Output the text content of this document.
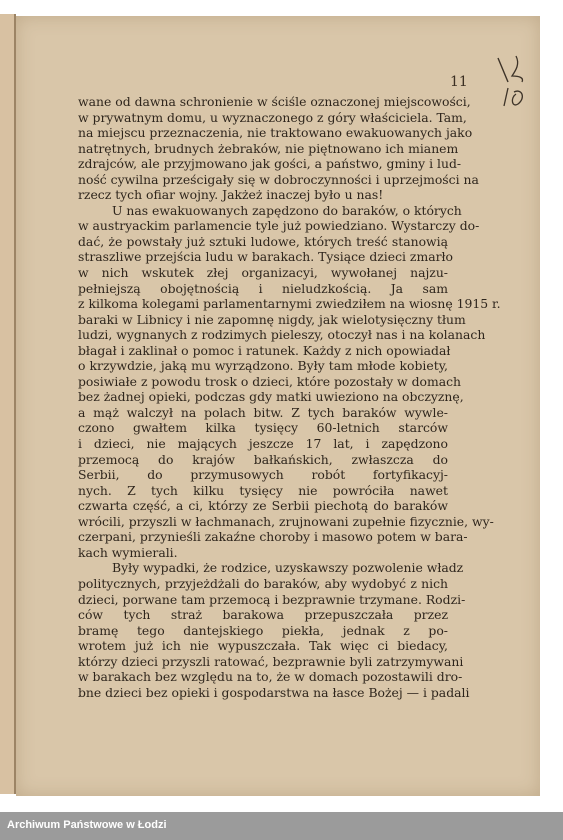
11
wane od dawna schronienie w ściśle oznaczonej miejscowości,
w prywatnym domu, u wyznaczonego z góry właściciela. Tam,
na miejscu przeznaczenia, nie traktowano ewakuowanych jako
natrętnych, brudnych żebraków, nie piętnowano ich mianem
zdrajców, ale przyjmowano jak gości, a państwo, gminy i lud-
ność cywilna prześcigały się w dobroczynności i uprzejmości na
rzecz tych ofiar wojny. Jakżeż inaczej było u nas!
U nas ewakuowanych zapędzono do baraków, o których
w austryackim parlamencie tyle już powiedziano. Wystarczy do-
dać, że powstały już sztuki ludowe, których treść stanowią
straszliwe przejścia ludu w barakach. Tysiące dzieci zmarło
w nich wskutek złej organizacyi, wywołanej najzu-
pełniejszą obojętnością i nieludzkością. Ja sam
z kilkoma kolegami parlamentarnymi zwiedziłem na wiosnę 1915 r.
baraki w Libnicy i nie zapomnę nigdy, jak wielotysięczny tłum
ludzi, wygnanych z rodzimych pieleszy, otoczył nas i na kolanach
błagał i zaklinał o pomoc i ratunek. Każdy z nich opowiadał
o krzywdzie, jaką mu wyrządzono. Były tam młode kobiety,
posiwiałe z powodu trosk o dzieci, które pozostały w domach
bez żadnej opieki, podczas gdy matki uwieziono na obczyznę,
a mąż walczył na polach bitw. Z tych baraków wywle-
czono gwałtem kilka tysięcy 60-letnich starców
i dzieci, nie mających jeszcze 17 lat, i zapędzono
przemocą do krajów bałkańskich, zwłaszcza do
Serbii, do przymusowych robót fortyfikacyj-
nych. Z tych kilku tysięcy nie powróciła nawet
czwarta część, a ci, którzy ze Serbii piechotą do baraków
wrócili, przyszli w łachmanach, zrujnowani zupełnie fizycznie, wy-
czerpani, przynieśli zakaźne choroby i masowo potem w bara-
kach wymierali.
Były wypadki, że rodzice, uzyskawszy pozwolenie władz
politycznych, przyjeżdżali do baraków, aby wydobyć z nich
dzieci, porwane tam przemocą i bezprawnie trzymane. Rodzi-
ców tych straż barakowa przepuszczała przez
bramę tego dantejskiego piekła, jednak z po-
wrotem już ich nie wypuszczała. Tak więc ci biedacy,
którzy dzieci przyszli ratować, bezprawnie byli zatrzymywani
w barakach bez względu na to, że w domach pozostawili dro-
bne dzieci bez opieki i gospodarstwa na łasce Bożej — i padali
Archiwum Państwowe w Łodzi
